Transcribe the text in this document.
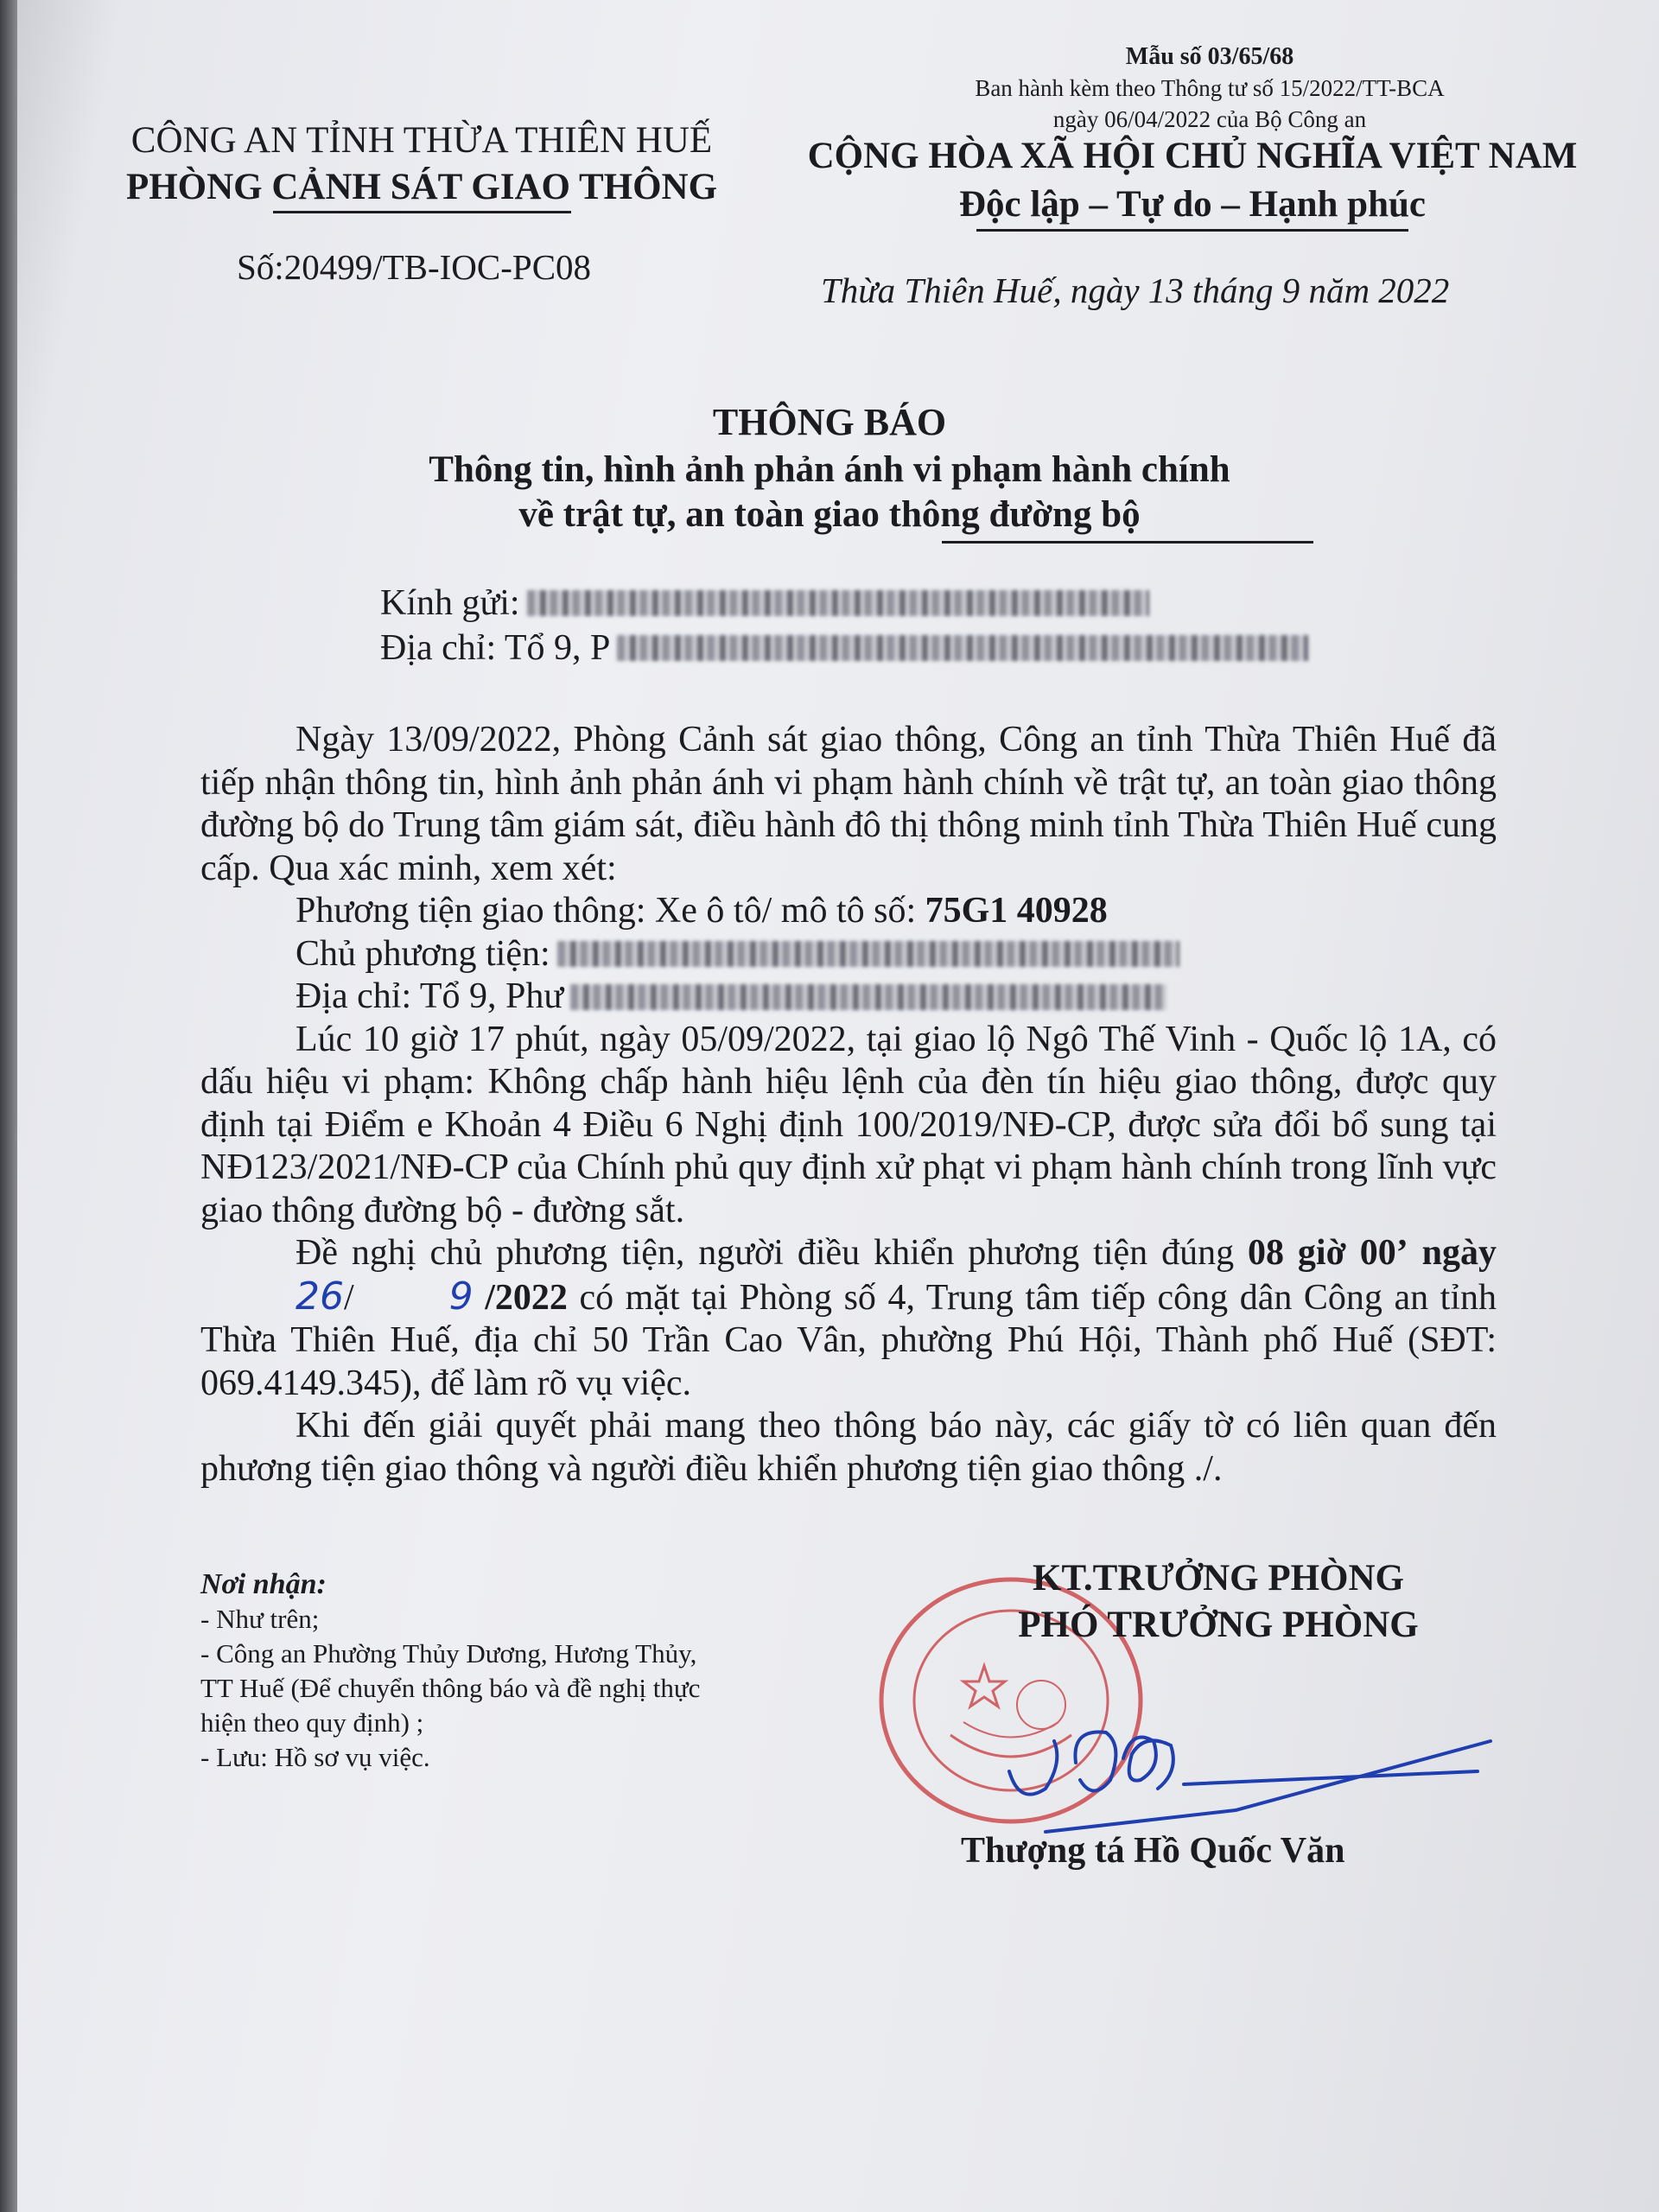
Mẫu số 03/65/68
Ban hành kèm theo Thông tư số 15/2022/TT-BCA
ngày 06/04/2022 của Bộ Công an
CÔNG AN TỈNH THỪA THIÊN HUẾ
PHÒNG CẢNH SÁT GIAO THÔNG
Số:20499/TB-IOC-PC08
CỘNG HÒA XÃ HỘI CHỦ NGHĨA VIỆT NAM
Độc lập – Tự do – Hạnh phúc
Thừa Thiên Huế, ngày 13 tháng 9 năm 2022
THÔNG BÁO
Thông tin, hình ảnh phản ánh vi phạm hành chính
về trật tự, an toàn giao thông đường bộ
Kính gửi:
Địa chỉ: Tổ 9, P

Ngày 13/09/2022, Phòng Cảnh sát giao thông, Công an tỉnh Thừa Thiên Huế đã tiếp nhận thông tin, hình ảnh phản ánh vi phạm hành chính về trật tự, an toàn giao thông đường bộ do Trung tâm giám sát, điều hành đô thị thông minh tỉnh Thừa Thiên Huế cung cấp. Qua xác minh, xem xét:

Phương tiện giao thông: Xe ô tô/ mô tô số:
75G1 40928
Chủ phương tiện:
Địa chỉ: Tổ 9, Phư

Lúc 10 giờ 17 phút, ngày 05/09/2022, tại giao lộ Ngô Thế Vinh - Quốc lộ 1A, có dấu hiệu vi phạm: Không chấp hành hiệu lệnh của đèn tín hiệu giao thông, được quy định tại Điểm e Khoản 4 Điều 6 Nghị định 100/2019/NĐ-CP, được sửa đổi bổ sung tại NĐ123/2021/NĐ-CP của Chính phủ quy định xử phạt vi phạm hành chính trong lĩnh vực giao thông đường bộ - đường sắt.

Đề nghị chủ phương tiện, người điều khiển phương tiện đúng 08 giờ 00’ ngày 26/	9 /2022 có mặt tại Phòng số 4, Trung tâm tiếp công dân Công an tỉnh Thừa Thiên Huế, địa chỉ 50 Trần Cao Vân, phường Phú Hội, Thành phố Huế (SĐT: 069.4149.345), để làm rõ vụ việc.

Khi đến giải quyết phải mang theo thông báo này, các giấy tờ có liên quan đến phương tiện giao thông và người điều khiển phương tiện giao thông ./.

Nơi nhận:
- Như trên;
- Công an Phường Thủy Dương, Hương Thủy,
TT Huế (Để chuyển thông báo và đề nghị thực
hiện theo quy định) ;
- Lưu: Hồ sơ vụ việc.
KT.TRƯỞNG PHÒNG
PHÓ TRƯỞNG PHÒNG
Thượng tá Hồ Quốc Văn
